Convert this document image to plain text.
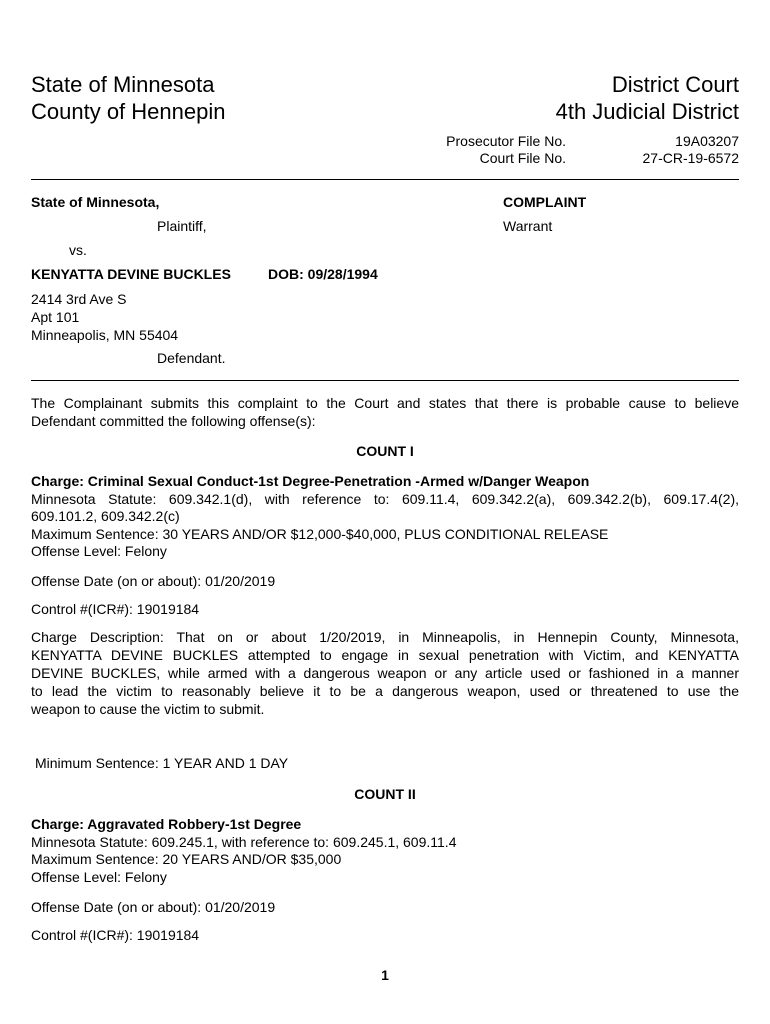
State of Minnesota
County of Hennepin
District Court
4th Judicial District
Prosecutor File No.
Court File No.
19A03207
27-CR-19-6572
State of Minnesota,
Plaintiff,
vs.
KENYATTA DEVINE BUCKLES	DOB: 09/28/1994
2414 3rd Ave S
Apt 101
Minneapolis, MN 55404
Defendant.
COMPLAINT
Warrant
The Complainant submits this complaint to the Court and states that there is probable cause to believe
Defendant committed the following offense(s):
COUNT I
Charge: Criminal Sexual Conduct-1st Degree-Penetration -Armed w/Danger Weapon
Minnesota Statute: 609.342.1(d), with reference to: 609.11.4, 609.342.2(a), 609.342.2(b), 609.17.4(2),
609.101.2, 609.342.2(c)
Maximum Sentence: 30 YEARS AND/OR $12,000-$40,000, PLUS CONDITIONAL RELEASE
Offense Level: Felony
Offense Date (on or about): 01/20/2019
Control #(ICR#): 19019184
Charge Description: That on or about 1/20/2019, in Minneapolis, in Hennepin County, Minnesota,
KENYATTA DEVINE BUCKLES attempted to engage in sexual penetration with Victim, and KENYATTA
DEVINE BUCKLES, while armed with a dangerous weapon or any article used or fashioned in a manner
to lead the victim to reasonably believe it to be a dangerous weapon, used or threatened to use the
weapon to cause the victim to submit.
Minimum Sentence: 1 YEAR AND 1 DAY
COUNT II
Charge: Aggravated Robbery-1st Degree
Minnesota Statute: 609.245.1, with reference to: 609.245.1, 609.11.4
Maximum Sentence: 20 YEARS AND/OR $35,000
Offense Level: Felony
Offense Date (on or about): 01/20/2019
Control #(ICR#): 19019184
1
